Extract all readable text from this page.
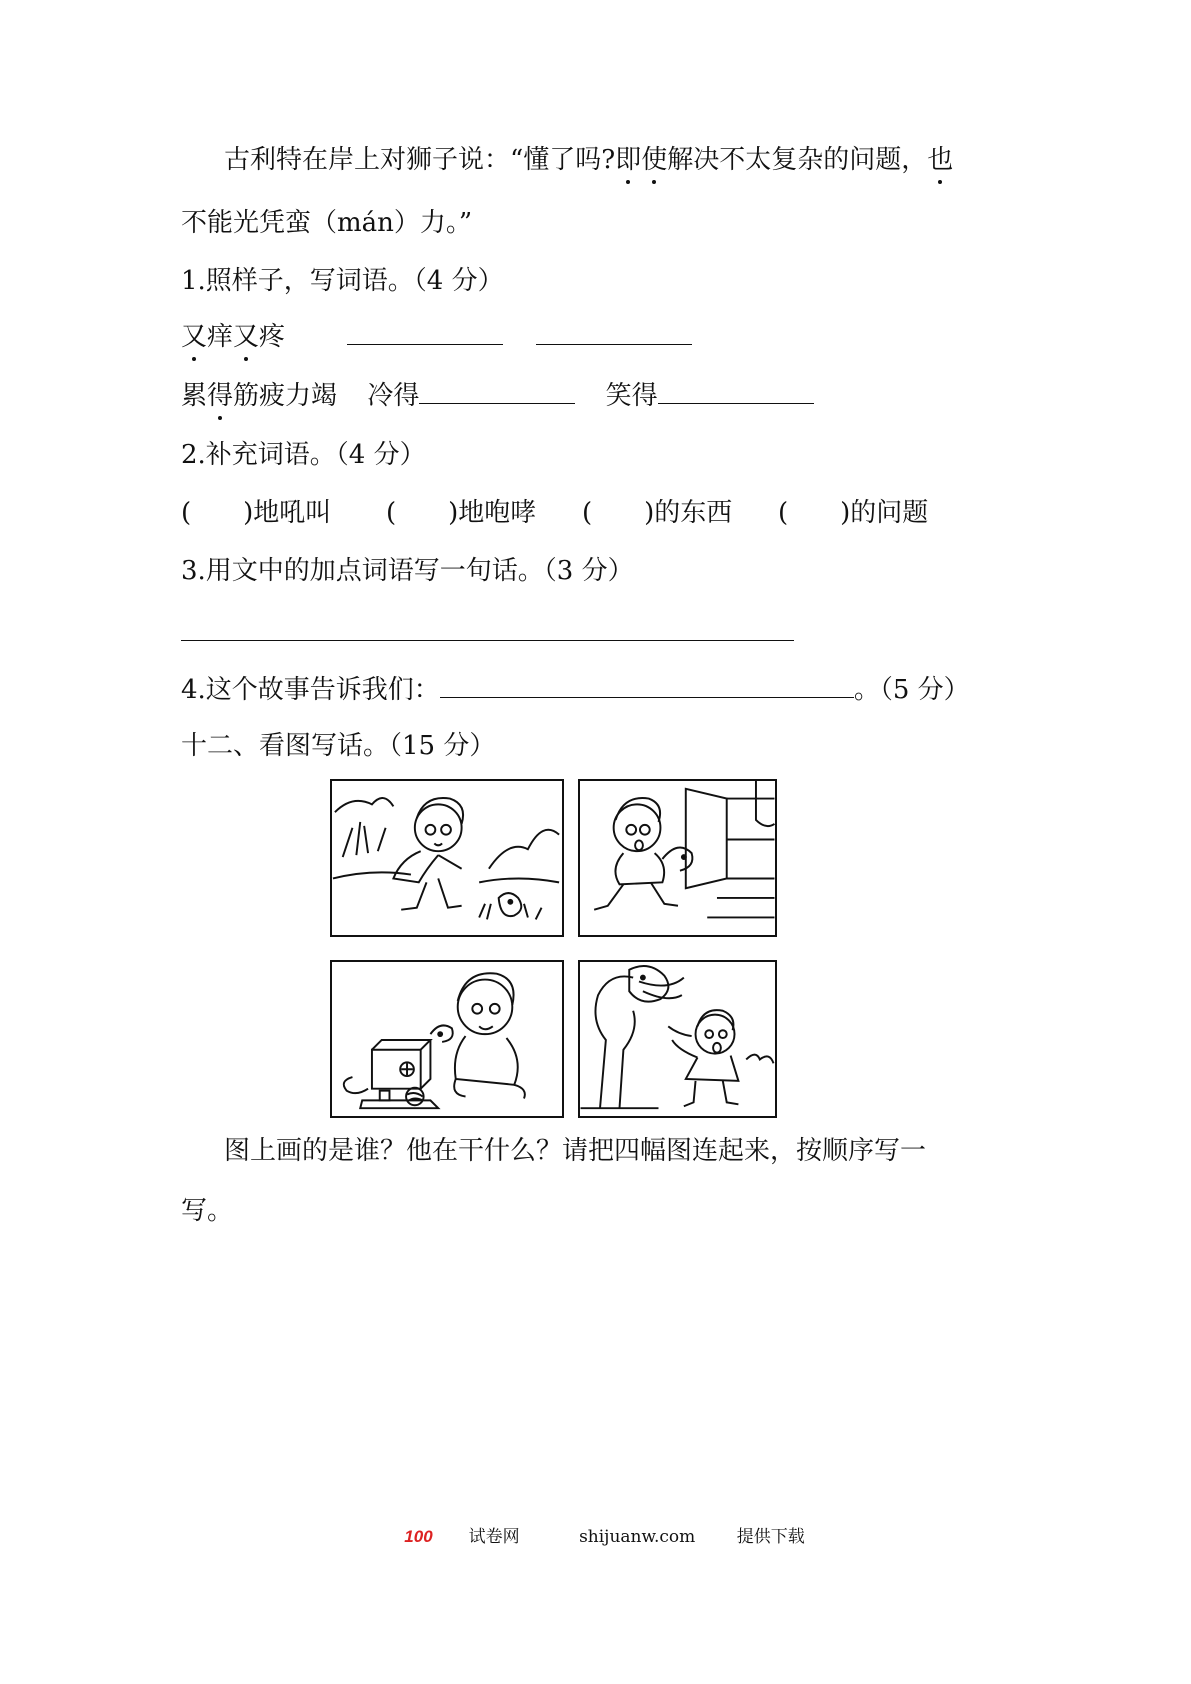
古利特在岸上对狮子说：“懂了吗?即使解决不太复杂的问题，也
不能光凭蛮（mán）力。”
1.照样子，写词语。（4 分）
又痒又疼
累得筋疲力竭 冷得	笑得
2.补充词语。（4 分）
(　　)地吼叫 (　　)地咆哮 (　　)的东西 (　　)的问题
3.用文中的加点词语写一句话。（3 分）
4.这个故事告诉我们：	。（5 分）
十二、看图写话。（15 分）
图上画的是谁？他在干什么？请把四幅图连起来，按顺序写一
写。
100 试卷网	shijuanw.com 提供下载
